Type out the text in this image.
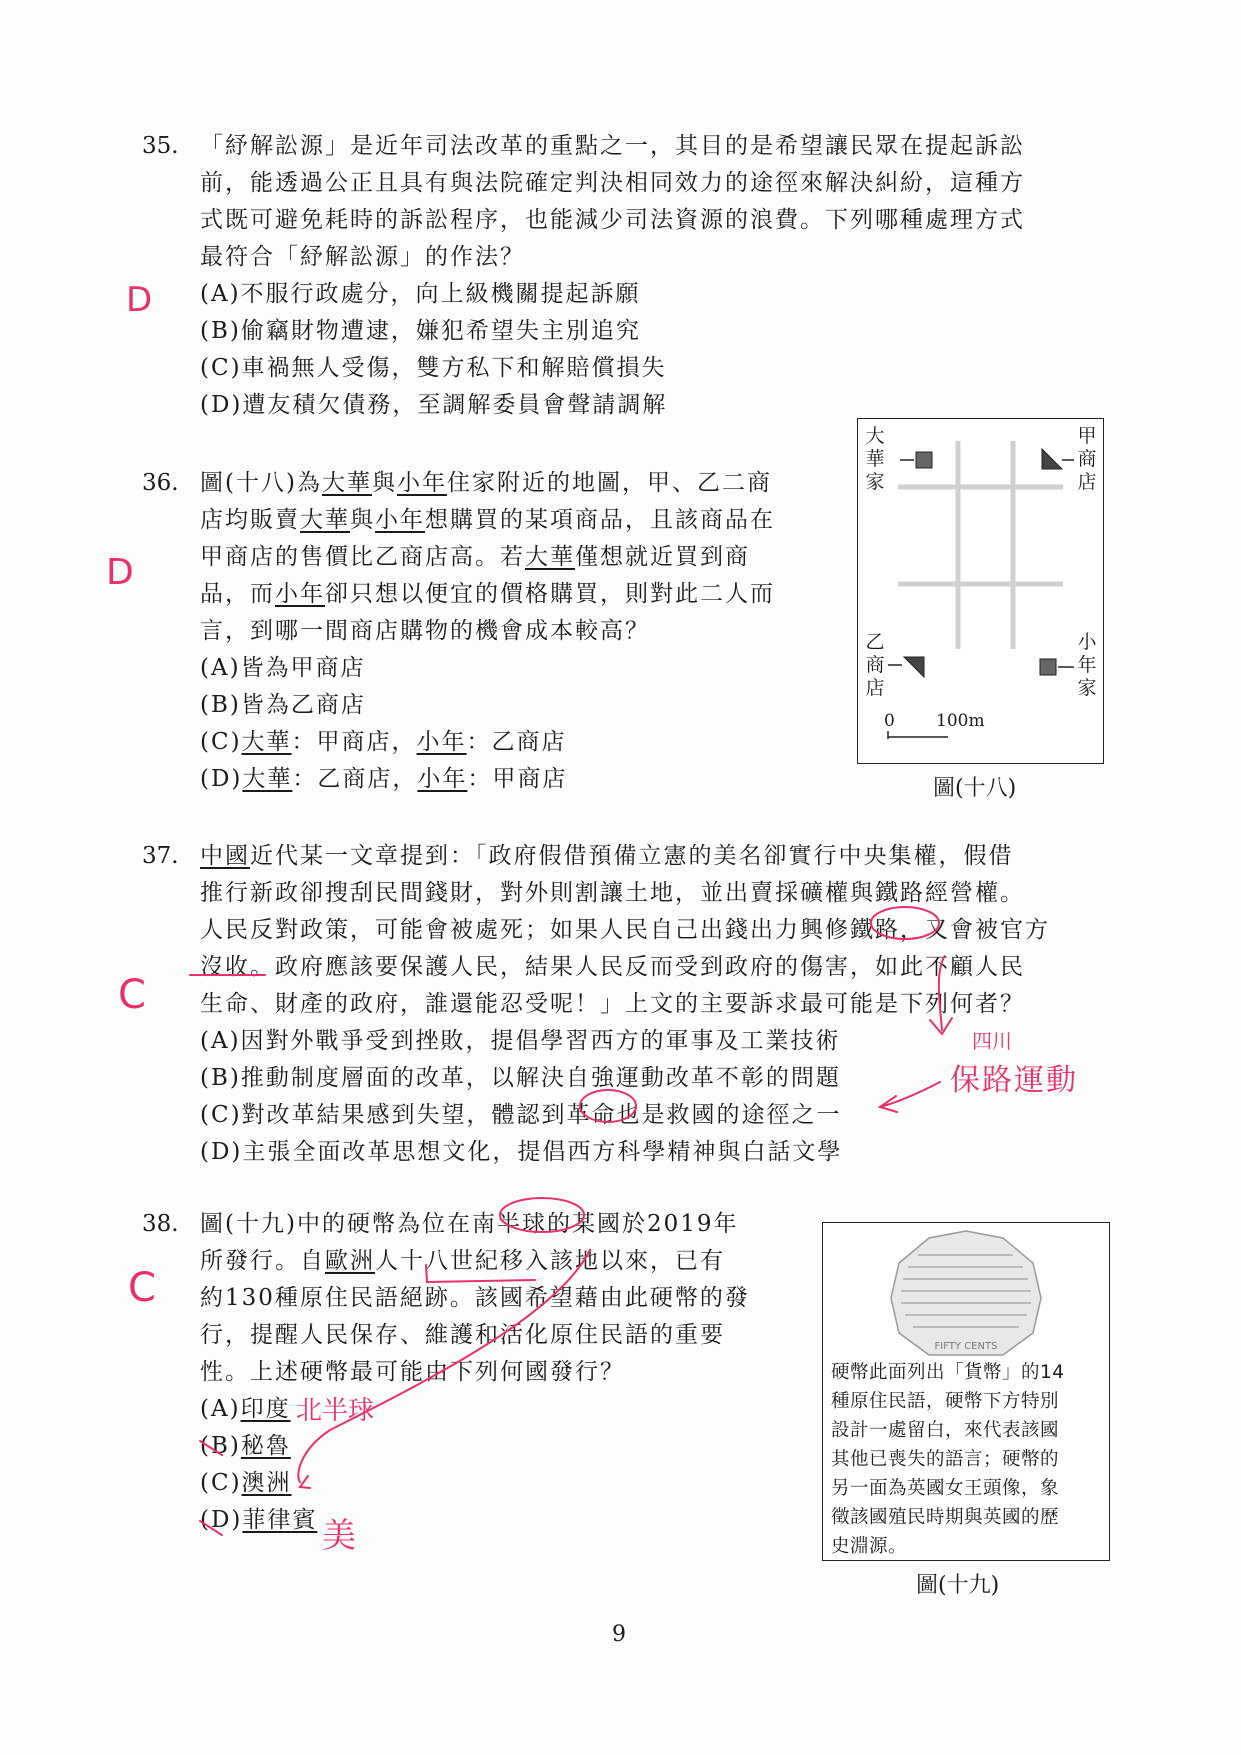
35. 「紓解訟源」是近年司法改革的重點之一，其目的是希望讓民眾在提起訴訟
前，能透過公正且具有與法院確定判決相同效力的途徑來解決糾紛，這種方
式既可避免耗時的訴訟程序，也能減少司法資源的浪費。下列哪種處理方式
最符合「紓解訟源」的作法？
(A)不服行政處分，向上級機關提起訴願
(B)偷竊財物遭逮，嫌犯希望失主別追究
(C)車禍無人受傷，雙方私下和解賠償損失
(D)遭友積欠債務，至調解委員會聲請調解
D
36. 圖(十八)為大華與小年住家附近的地圖，甲、乙二商
店均販賣大華與小年想購買的某項商品，且該商品在
甲商店的售價比乙商店高。若大華僅想就近買到商
品，而小年卻只想以便宜的價格購買，則對此二人而
言，到哪一間商店購物的機會成本較高？
(A)皆為甲商店
(B)皆為乙商店
(C)大華：甲商店，小年：乙商店
(D)大華：乙商店，小年：甲商店
D
大華家
甲商店
乙商店
小年家
0 100m
圖(十八)
37. 中國近代某一文章提到：「政府假借預備立憲的美名卻實行中央集權，假借
推行新政卻搜刮民間錢財，對外則割讓土地，並出賣採礦權與鐵路經營權。
人民反對政策，可能會被處死；如果人民自己出錢出力興修鐵路，又會被官方
沒收。政府應該要保護人民，結果人民反而受到政府的傷害，如此不顧人民
生命、財產的政府，誰還能忍受呢！」上文的主要訴求最可能是下列何者？
(A)因對外戰爭受到挫敗，提倡學習西方的軍事及工業技術
(B)推動制度層面的改革，以解決自強運動改革不彰的問題
(C)對改革結果感到失望，體認到革命也是救國的途徑之一
(D)主張全面改革思想文化，提倡西方科學精神與白話文學
C
四川
保路運動
38. 圖(十九)中的硬幣為位在南半球的某國於2019年
所發行。自歐洲人十八世紀移入該地以來，已有
約130種原住民語絕跡。該國希望藉由此硬幣的發
行，提醒人民保存、維護和活化原住民語的重要
性。上述硬幣最可能由下列何國發行？
(A)印度
(B)秘魯
(C)澳洲
(D)菲律賓
C
北半球
美
FIFTY CENTS
硬幣此面列出「貨幣」的14
種原住民語，硬幣下方特別
設計一處留白，來代表該國
其他已喪失的語言；硬幣的
另一面為英國女王頭像，象
徵該國殖民時期與英國的歷
史淵源。
圖(十九)
9
